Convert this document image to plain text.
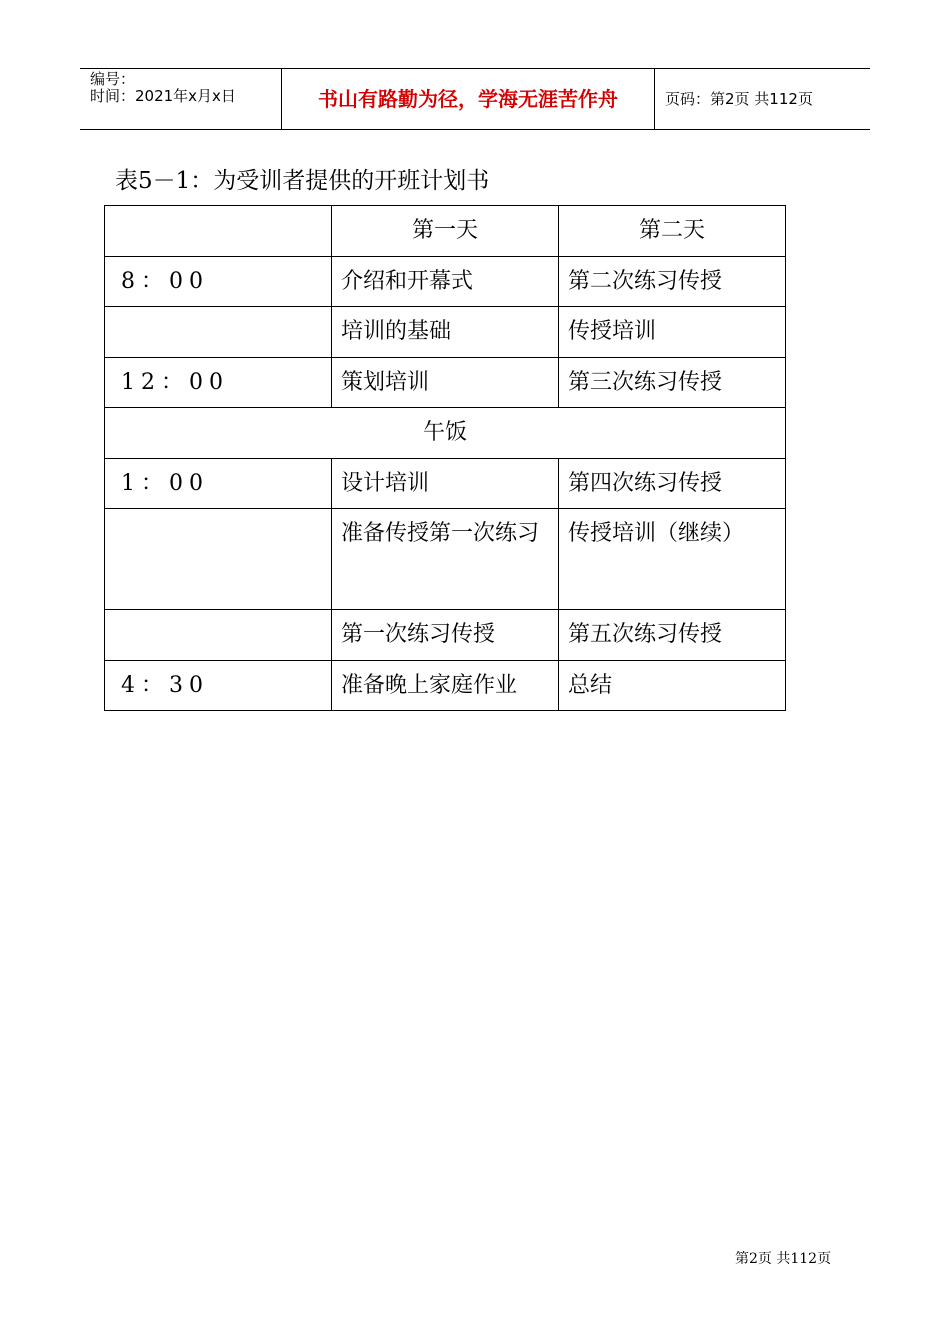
编号：
时间：2021年x月x日	书山有路勤为径，学海无涯苦作舟	页码：第2页 共112页
表5－1：为受训者提供的开班计划书
	第一天	第二天
8：00	介绍和开幕式	第二次练习传授
	培训的基础	传授培训
12：00	策划培训	第三次练习传授
午饭		
1：00	设计培训	第四次练习传授
	准备传授第一次练习	传授培训（继续）
	第一次练习传授	第五次练习传授
4：30	准备晚上家庭作业	总结
第2页 共112页
